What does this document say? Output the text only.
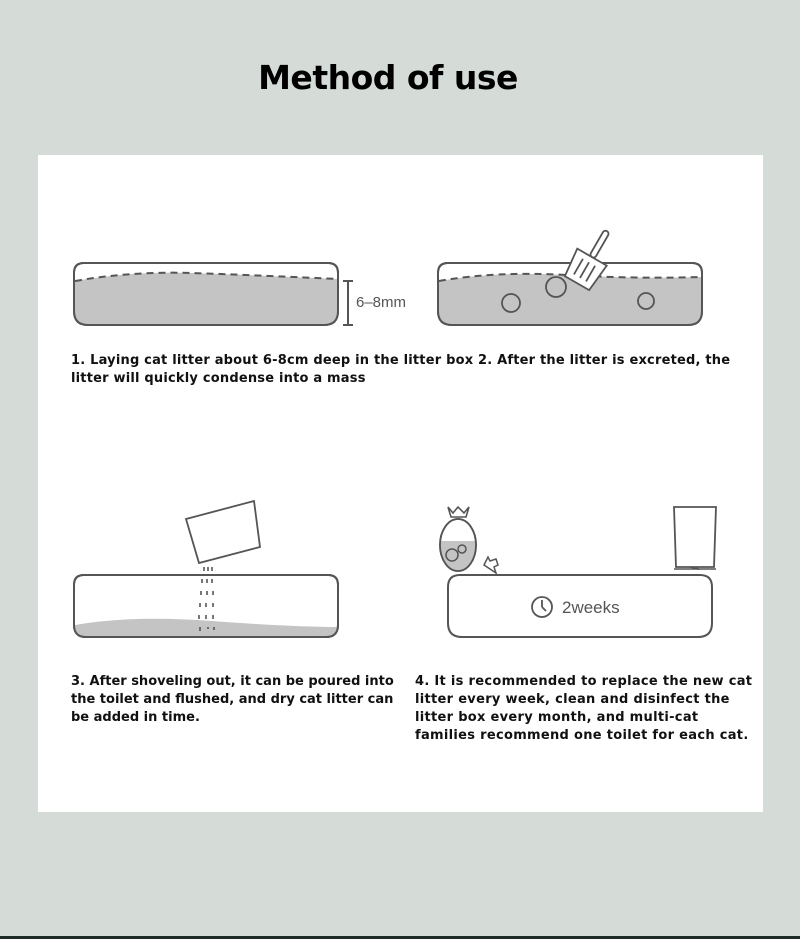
Method of use
6–8mm
1. Laying cat litter about 6-8cm deep in the litter box 2. After the litter is excreted, the litter will quickly condense into a mass
3. After shoveling out, it can be poured into the toilet and flushed, and dry cat litter can be added in time.
2weeks
4. It is recommended to replace the new cat litter every week, clean and disinfect the litter box every month, and multi-cat families recommend one toilet for each cat.
